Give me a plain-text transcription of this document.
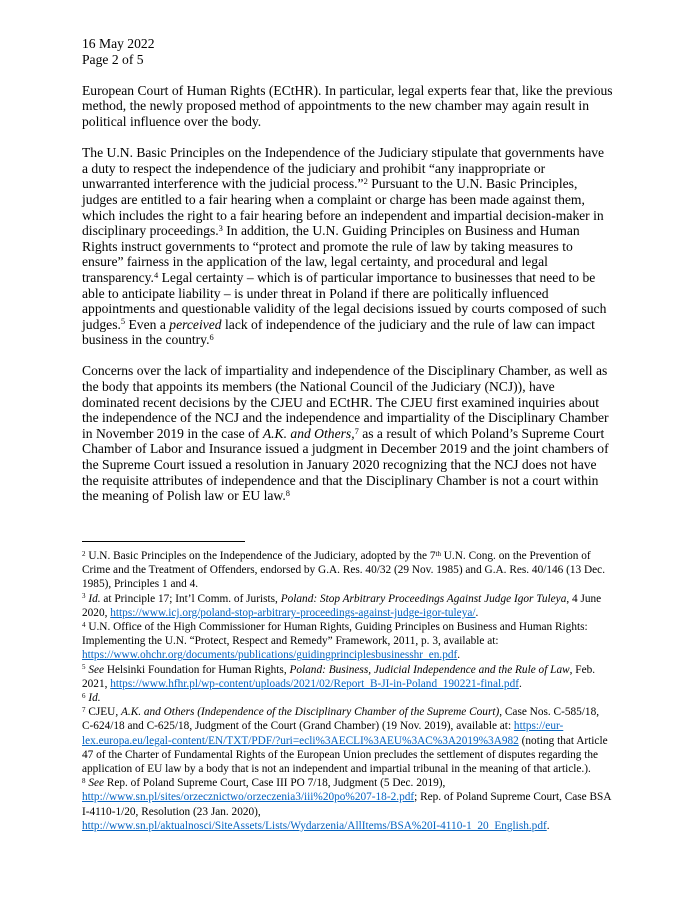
16 May 2022
Page 2 of 5

European Court of Human Rights (ECtHR). In particular, legal experts fear that, like the previous method, the newly proposed method of appointments to the new chamber may again result in political influence over the body.

The U.N. Basic Principles on the Independence of the Judiciary stipulate that governments have a duty to respect the independence of the judiciary and prohibit “any inappropriate or unwarranted interference with the judicial process.”$^2$ Pursuant to the U.N. Basic Principles, judges are entitled to a fair hearing when a complaint or charge has been made against them, which includes the right to a fair hearing before an independent and impartial decision-maker in disciplinary proceedings.$^3$ In addition, the U.N. Guiding Principles on Business and Human Rights instruct governments to “protect and promote the rule of law by taking measures to ensure” fairness in the application of the law, legal certainty, and procedural and legal transparency.$^4$ Legal certainty – which is of particular importance to businesses that need to be able to anticipate liability – is under threat in Poland if there are politically influenced appointments and questionable validity of the legal decisions issued by courts composed of such judges.$^5$ Even a perceived lack of independence of the judiciary and the rule of law can impact business in the country.$^6$

Concerns over the lack of impartiality and independence of the Disciplinary Chamber, as well as the body that appoints its members (the National Council of the Judiciary (NCJ)), have dominated recent decisions by the CJEU and ECtHR. The CJEU first examined inquiries about the independence of the NCJ and the independence and impartiality of the Disciplinary Chamber in November 2019 in the case of A.K. and Others,$^7$ as a result of which Poland’s Supreme Court Chamber of Labor and Insurance issued a judgment in December 2019 and the joint chambers of the Supreme Court issued a resolution in January 2020 recognizing that the NCJ does not have the requisite attributes of independence and that the Disciplinary Chamber is not a court within the meaning of Polish law or EU law.$^8$

$^2$ U.N. Basic Principles on the Independence of the Judiciary, adopted by the 7th U.N. Cong. on the Prevention of Crime and the Treatment of Offenders, endorsed by G.A. Res. 40/32 (29 Nov. 1985) and G.A. Res. 40/146 (13 Dec. 1985), Principles 1 and 4.

$^3$ Id. at Principle 17; Int’l Comm. of Jurists, Poland: Stop Arbitrary Proceedings Against Judge Igor Tuleya, 4 June 2020, https://www.icj.org/poland-stop-arbitrary-proceedings-against-judge-igor-tuleya/.

$^4$ U.N. Office of the High Commissioner for Human Rights, Guiding Principles on Business and Human Rights: Implementing the U.N. “Protect, Respect and Remedy” Framework, 2011, p. 3, available at: https://www.ohchr.org/documents/publications/guidingprinciplesbusinesshr_en.pdf.

$^5$ See Helsinki Foundation for Human Rights, Poland: Business, Judicial Independence and the Rule of Law, Feb. 2021, https://www.hfhr.pl/wp-content/uploads/2021/02/Report_B-JI-in-Poland_190221-final.pdf.

$^6$ Id.

$^7$ CJEU, A.K. and Others (Independence of the Disciplinary Chamber of the Supreme Court), Case Nos. C-585/18, C-624/18 and C-625/18, Judgment of the Court (Grand Chamber) (19 Nov. 2019), available at: https://eur-lex.europa.eu/legal-content/EN/TXT/PDF/?uri=ecli%3AECLI%3AEU%3AC%3A2019%3A982 (noting that Article 47 of the Charter of Fundamental Rights of the European Union precludes the settlement of disputes regarding the application of EU law by a body that is not an independent and impartial tribunal in the meaning of that article.).

$^8$ See Rep. of Poland Supreme Court, Case III PO 7/18, Judgment (5 Dec. 2019), http://www.sn.pl/sites/orzecznictwo/orzeczenia3/iii%20po%207-18-2.pdf; Rep. of Poland Supreme Court, Case BSA I-4110-1/20, Resolution (23 Jan. 2020), http://www.sn.pl/aktualnosci/SiteAssets/Lists/Wydarzenia/AllItems/BSA%20I-4110-1_20_English.pdf.
